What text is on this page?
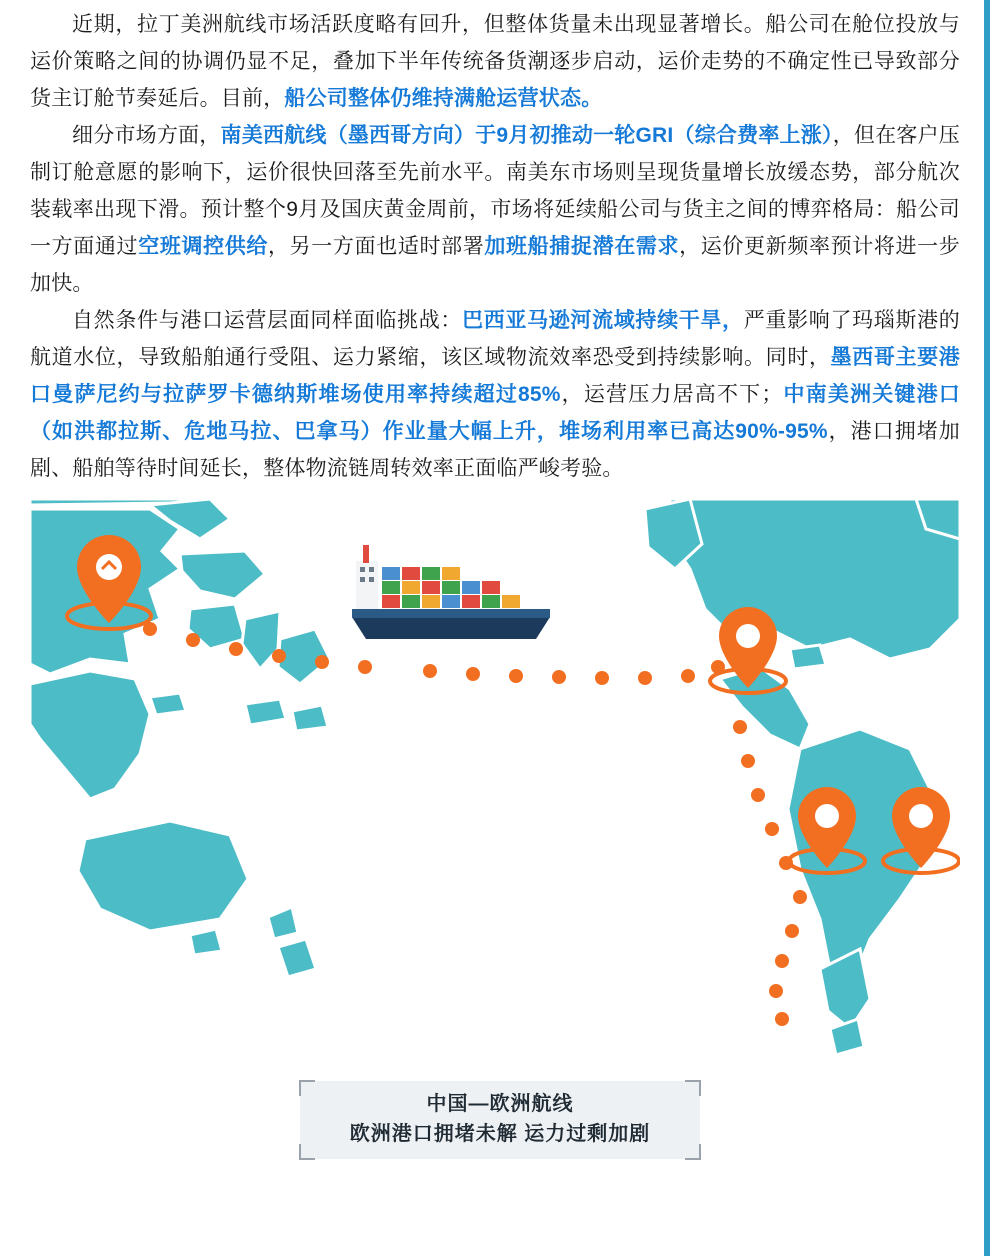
近期，拉丁美洲航线市场活跃度略有回升，但整体货量未出现显著增长。船公司在舱位投放与运价策略之间的协调仍显不足，叠加下半年传统备货潮逐步启动，运价走势的不确定性已导致部分货主订舱节奏延后。目前，船公司整体仍维持满舱运营状态。

细分市场方面，南美西航线（墨西哥方向）于9月初推动一轮GRI（综合费率上涨），但在客户压制订舱意愿的影响下，运价很快回落至先前水平。南美东市场则呈现货量增长放缓态势，部分航次装载率出现下滑。预计整个9月及国庆黄金周前，市场将延续船公司与货主之间的博弈格局：船公司一方面通过空班调控供给，另一方面也适时部署加班船捕捉潜在需求，运价更新频率预计将进一步加快。

自然条件与港口运营层面同样面临挑战：巴西亚马逊河流域持续干旱，严重影响了玛瑙斯港的航道水位，导致船舶通行受阻、运力紧缩，该区域物流效率恐受到持续影响。同时，墨西哥主要港口曼萨尼约与拉萨罗卡德纳斯堆场使用率持续超过85%，运营压力居高不下；中南美洲关键港口（如洪都拉斯、危地马拉、巴拿马）作业量大幅上升，堆场利用率已高达90%-95%，港口拥堵加剧、船舶等待时间延长，整体物流链周转效率正面临严峻考验。

中国—欧洲航线
欧洲港口拥堵未解 运力过剩加剧
